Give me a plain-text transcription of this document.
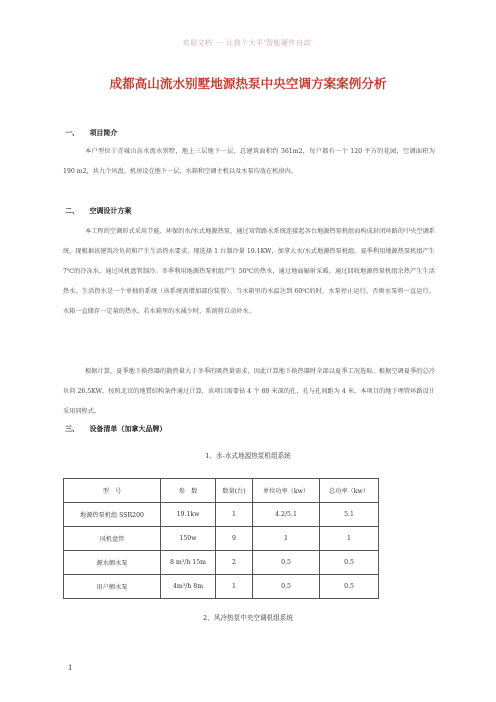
欢迎文档 ··· 让我个大平'智能硬件自动'
成都高山流水别墅地源热泵中央空调方案案例分析
一、 项目简介
本户型位于青城山高水流水别墅，地上三层地下一层，总建筑面积约 361m2，每户都有一个 120 平方的花园，空调面积为 190 m2，共九个风盘。机房设在地下一层，水箱和空调主机以及水泵均放在机房内。
二、 空调设计方案
本工程的空调形式采用节能、环保的水/水式地源热泵，通过双管路水系统连接起各台地源热泵机组而构成封闭环路的中央空调系统。现根据该建筑冷负荷和产生生活热水要求，现选择 1 台制冷量 19.1KW，加拿大水/水式地源热泵机组。夏季利用地源热泵机组产生 7℃的冷冻水，通过风机盘管制冷。冬季利用地源热泵机组产生 50℃的热水，通过地面辐射采暖。通过回收地源热泵机组余热产生生活热水。生活热水是一个单独的系统（该系统需增加部份装置）。当水箱里的水温达到 60℃的时，水泵停止运行，否则水泵将一直运行。水箱一直储存一定量的热水，若水箱里的水减少时，系统将自动补水。
根据计算，夏季地下换热器的散热量大于冬季的吸热量需求，因此计算地下换热器时全部以夏季工况选取。根据空调夏季的总冷负荷 26.5KW。按照北京的地質结构条件通过计算，该项目需要钻 4 个 80 米深的孔，孔与孔间距为 4 米，本项目的地下埋管环路设计采用同程式。
三、 设备清单（加拿大品牌）
1、水-水式地源热泵机组系统
型　号	参　数	数量(台)	单位功率（kw）	总功率（kw）
地源热泵机组 SSR200	19.1kw	1	4.2/5.1	5.1
风机盘管	150w	9	1	1
源水侧水泵	8 m³/h 15m	2	0.5	0.5
用户侧水泵	4m³/h 8m	1	0.5	0.5
2、风冷热泵中央空调机组系统
1
